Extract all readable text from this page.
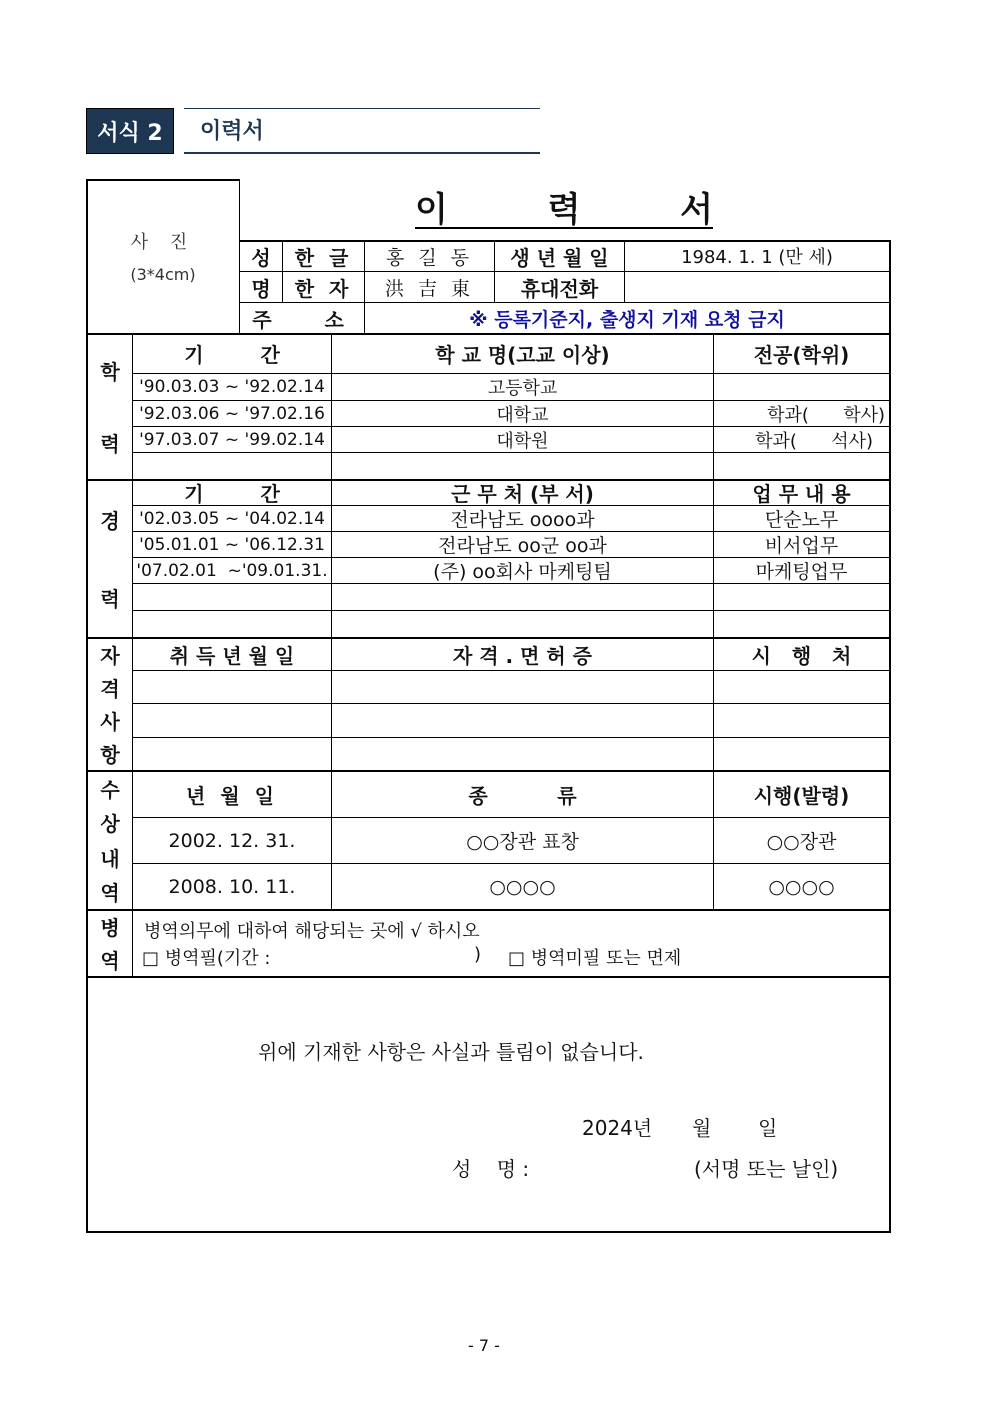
서식 2	이력서
사 진
(3*4cm)
이	력	서
성
명
한 글	홍 길 동	생 년 월 일	1984. 1. 1 (만 세)
한 자	洪 吉 東	휴대전화
주   소	※ 등록기준지, 출생지 기재 요청 금지
학
력
기 간	학 교 명(고교 이상)	전공(학위)
'90.03.03 ~ '92.02.14	고등학교
'92.03.06 ~ '97.02.16	대학교	학과(      학사)
'97.03.07 ~ '99.02.14	대학원	학과(      석사)
경
력
기 간	근 무 처 (부 서)	업 무 내 용
'02.03.05 ~ '04.02.14	전라남도 oooo과	단순노무
'05.01.01 ~ '06.12.31	전라남도 oo군 oo과	비서업무
'07.02.01  ~'09.01.31.	(주) oo회사 마케팅팀	마케팅업무
자
격
사
항
취 득 년 월 일	자 격 . 면 허 증	시   행   처
수
상
내
역
년 월 일	종          류	시행(발령)
2002. 12. 31.	○○장관 표창	○○장관
2008. 10. 11.	○○○○	○○○○
병
역
병역의무에 대하여 해당되는 곳에 √ 하시오
□ 병역필(기간 :	) □ 병역미필 또는 면제
위에 기재한 사항은 사실과 틀림이 없습니다.
2024년 월 일
성    명 :	(서명 또는 날인)
- 7 -
